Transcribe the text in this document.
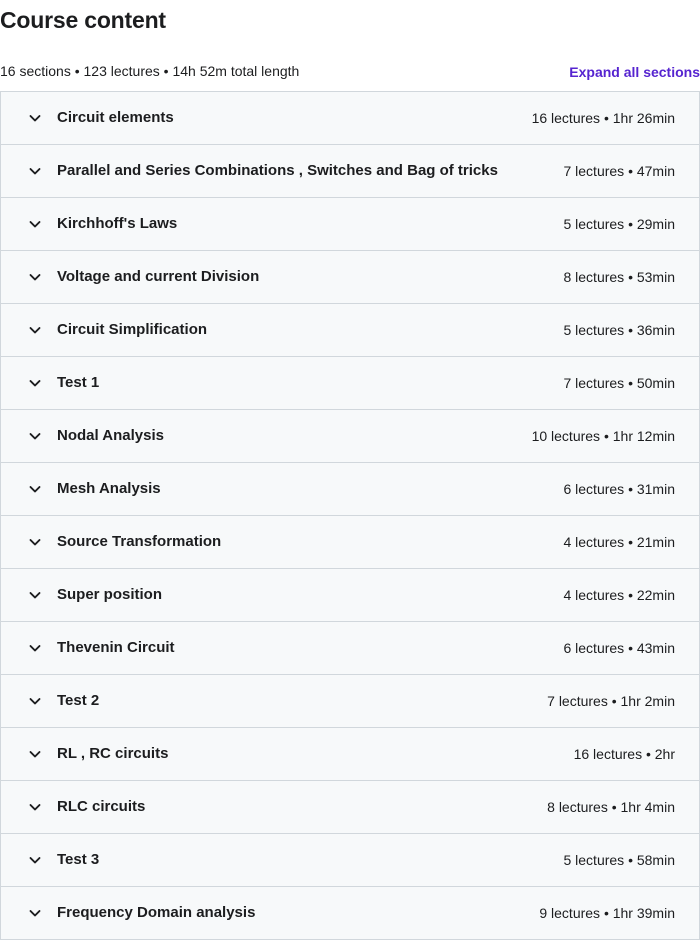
Course content
16 sections • 123 lectures • 14h 52m total length	Expand all sections
Circuit elements	16 lectures • 1hr 26min
Parallel and Series Combinations , Switches and Bag of tricks	7 lectures • 47min
Kirchhoff's Laws	5 lectures • 29min
Voltage and current Division	8 lectures • 53min
Circuit Simplification	5 lectures • 36min
Test 1	7 lectures • 50min
Nodal Analysis	10 lectures • 1hr 12min
Mesh Analysis	6 lectures • 31min
Source Transformation	4 lectures • 21min
Super position	4 lectures • 22min
Thevenin Circuit	6 lectures • 43min
Test 2	7 lectures • 1hr 2min
RL , RC circuits	16 lectures • 2hr
RLC circuits	8 lectures • 1hr 4min
Test 3	5 lectures • 58min
Frequency Domain analysis	9 lectures • 1hr 39min
